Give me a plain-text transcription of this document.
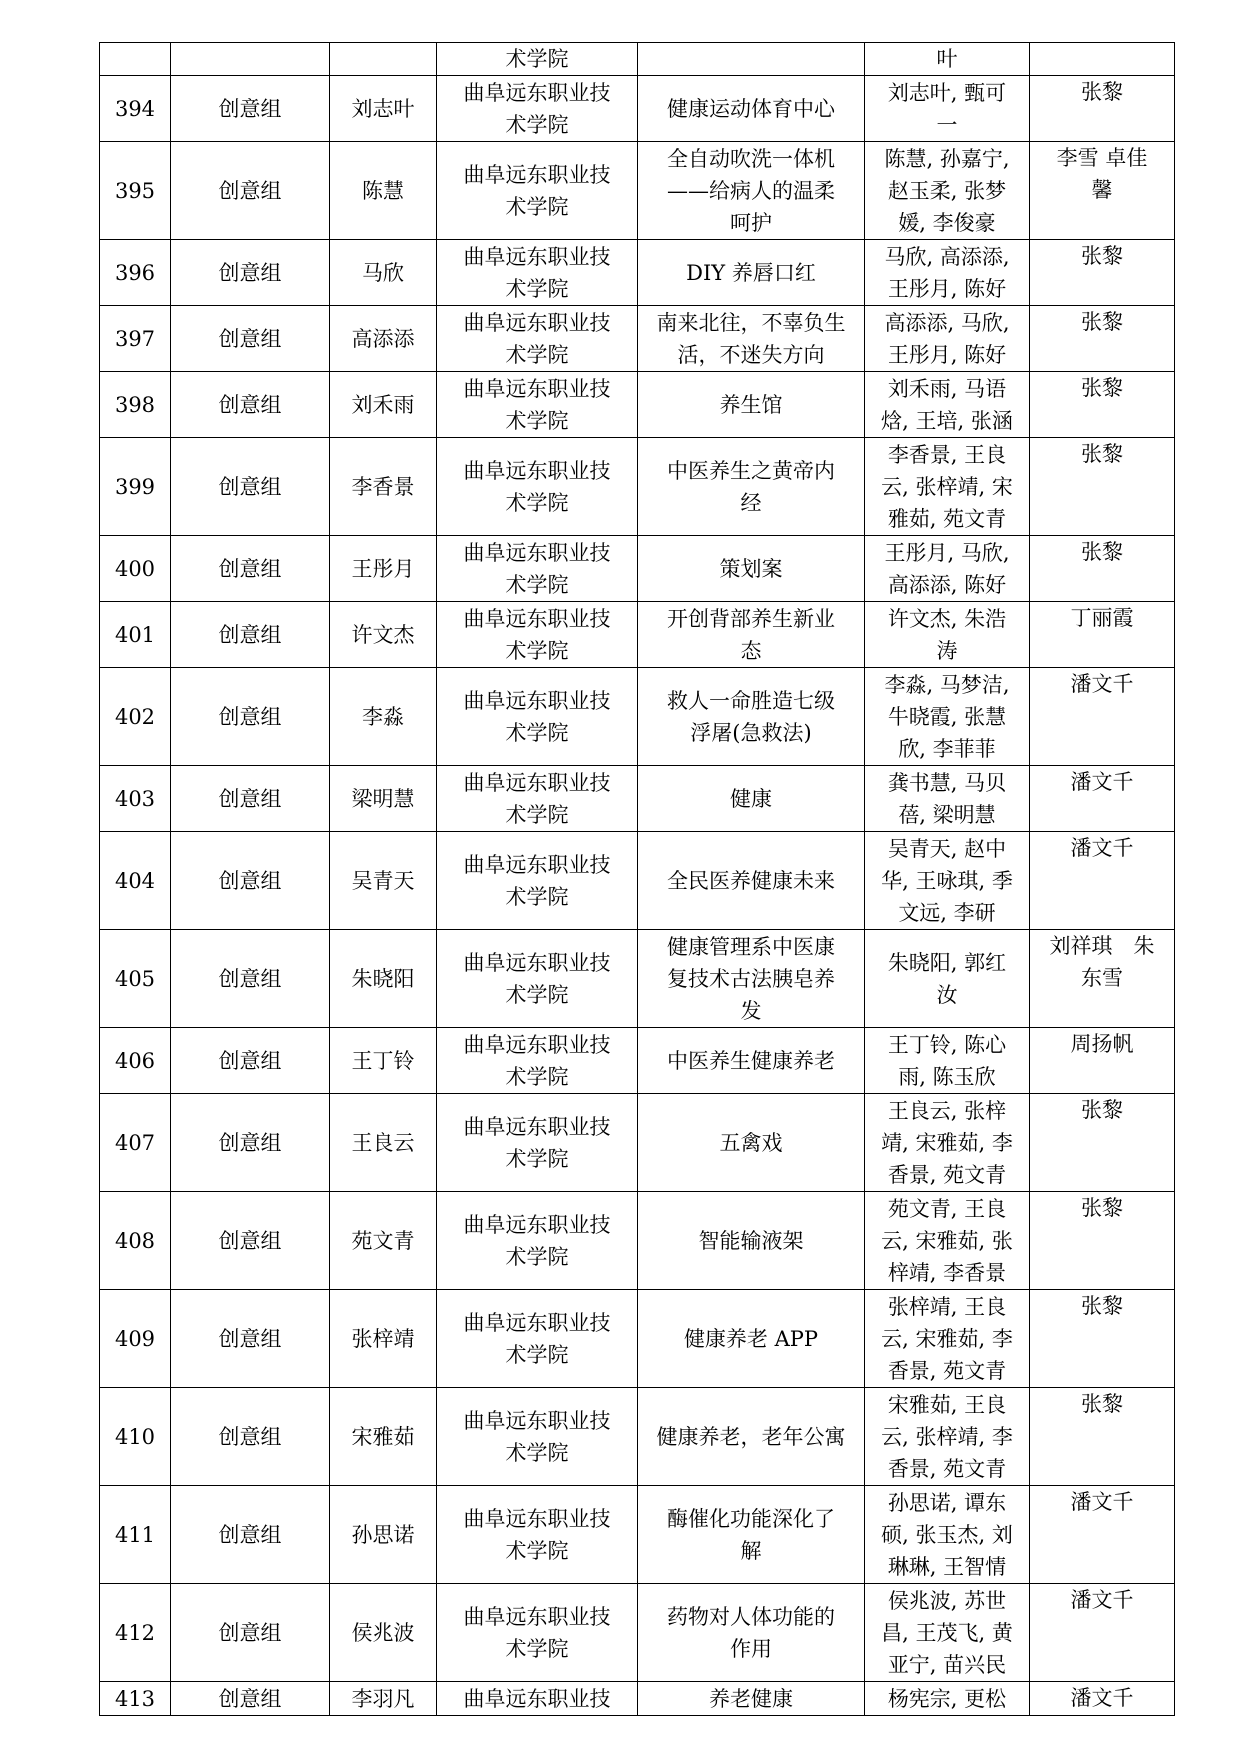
			术学院		叶	

394	创意组	刘志叶	曲阜远东职业技
术学院	健康运动体育中心	刘志叶, 甄可
一	张黎

395	创意组	陈慧	曲阜远东职业技
术学院	全自动吹洗一体机
——给病人的温柔
呵护	陈慧, 孙嘉宁,
赵玉柔, 张梦
媛, 李俊豪	李雪 卓佳
馨

396	创意组	马欣	曲阜远东职业技
术学院	DIY 养唇口红	马欣, 高添添,
王彤月, 陈好	张黎

397	创意组	高添添	曲阜远东职业技
术学院	南来北往，不辜负生
活，不迷失方向	高添添, 马欣,
王彤月, 陈好	张黎

398	创意组	刘禾雨	曲阜远东职业技
术学院	养生馆	刘禾雨, 马语
焓, 王培, 张涵	张黎

399	创意组	李香景	曲阜远东职业技
术学院	中医养生之黄帝内
经	李香景, 王良
云, 张梓靖, 宋
雅茹, 苑文青	张黎

400	创意组	王彤月	曲阜远东职业技
术学院	策划案	王彤月, 马欣,
高添添, 陈好	张黎

401	创意组	许文杰	曲阜远东职业技
术学院	开创背部养生新业
态	许文杰, 朱浩
涛	丁丽霞

402	创意组	李淼	曲阜远东职业技
术学院	救人一命胜造七级
浮屠(急救法)	李淼, 马梦洁,
牛晓霞, 张慧
欣, 李菲菲	潘文千

403	创意组	梁明慧	曲阜远东职业技
术学院	健康	龚书慧, 马贝
蓓, 梁明慧	潘文千

404	创意组	吴青天	曲阜远东职业技
术学院	全民医养健康未来	吴青天, 赵中
华, 王咏琪, 季
文远, 李研	潘文千

405	创意组	朱晓阳	曲阜远东职业技
术学院	健康管理系中医康
复技术古法胰皂养
发	朱晓阳, 郭红
汝	刘祥琪　朱
东雪

406	创意组	王丁铃	曲阜远东职业技
术学院	中医养生健康养老	王丁铃, 陈心
雨, 陈玉欣	周扬帆

407	创意组	王良云	曲阜远东职业技
术学院	五禽戏	王良云, 张梓
靖, 宋雅茹, 李
香景, 苑文青	张黎

408	创意组	苑文青	曲阜远东职业技
术学院	智能输液架	苑文青, 王良
云, 宋雅茹, 张
梓靖, 李香景	张黎

409	创意组	张梓靖	曲阜远东职业技
术学院	健康养老 APP	张梓靖, 王良
云, 宋雅茹, 李
香景, 苑文青	张黎

410	创意组	宋雅茹	曲阜远东职业技
术学院	健康养老，老年公寓	宋雅茹, 王良
云, 张梓靖, 李
香景, 苑文青	张黎

411	创意组	孙思诺	曲阜远东职业技
术学院	酶催化功能深化了
解	孙思诺, 谭东
硕, 张玉杰, 刘
琳琳, 王智情	潘文千

412	创意组	侯兆波	曲阜远东职业技
术学院	药物对人体功能的
作用	侯兆波, 苏世
昌, 王茂飞, 黄
亚宁, 苗兴民	潘文千

413	创意组	李羽凡	曲阜远东职业技	养老健康	杨宪宗, 更松	潘文千
